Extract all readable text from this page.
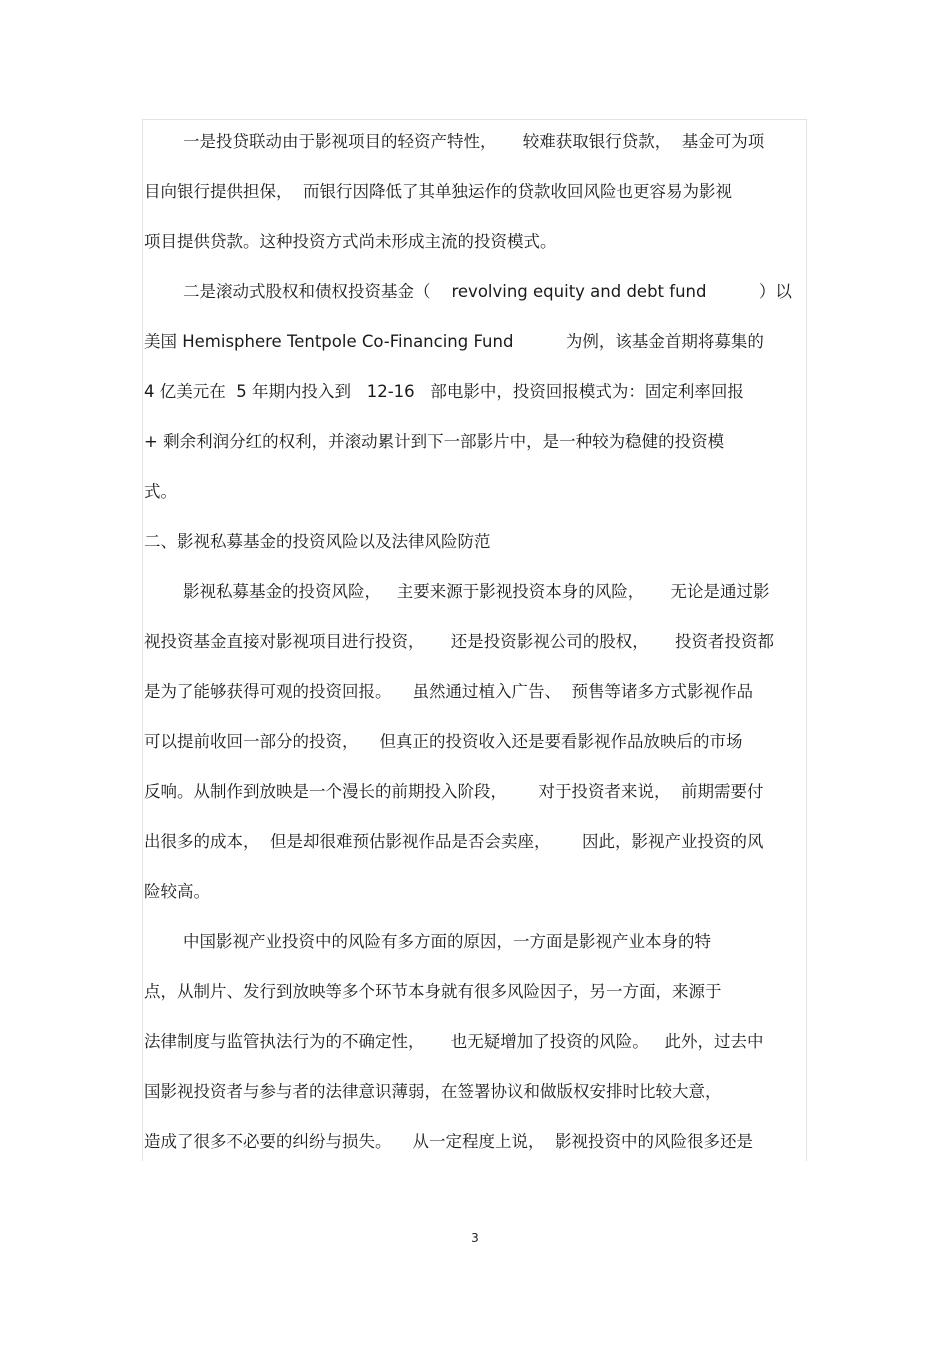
一是投贷联动由于影视项目的轻资产特性，     较难获取银行贷款，  基金可为项
目向银行提供担保，  而银行因降低了其单独运作的贷款收回风险也更容易为影视
项目提供贷款。这种投资方式尚未形成主流的投资模式。
二是滚动式股权和债权投资基金（    revolving equity and debt fund          ）以
美国 Hemisphere Tentpole Co-Financing Fund          为例，该基金首期将募集的
4 亿美元在  5 年期内投入到   12-16   部电影中，投资回报模式为：固定利率回报
+ 剩余利润分红的权利，并滚动累计到下一部影片中，是一种较为稳健的投资模
式。
二、影视私募基金的投资风险以及法律风险防范
影视私募基金的投资风险，   主要来源于影视投资本身的风险，     无论是通过影
视投资基金直接对影视项目进行投资，     还是投资影视公司的股权，     投资者投资都
是为了能够获得可观的投资回报。    虽然通过植入广告、  预售等诸多方式影视作品
可以提前收回一部分的投资，    但真正的投资收入还是要看影视作品放映后的市场
反响。从制作到放映是一个漫长的前期投入阶段，      对于投资者来说，  前期需要付
出很多的成本，  但是却很难预估影视作品是否会卖座，      因此，影视产业投资的风
险较高。
中国影视产业投资中的风险有多方面的原因，一方面是影视产业本身的特
点，从制片、发行到放映等多个环节本身就有很多风险因子，另一方面，来源于
法律制度与监管执法行为的不确定性，     也无疑增加了投资的风险。   此外，过去中
国影视投资者与参与者的法律意识薄弱，在签署协议和做版权安排时比较大意，
造成了很多不必要的纠纷与损失。    从一定程度上说，  影视投资中的风险很多还是
3
